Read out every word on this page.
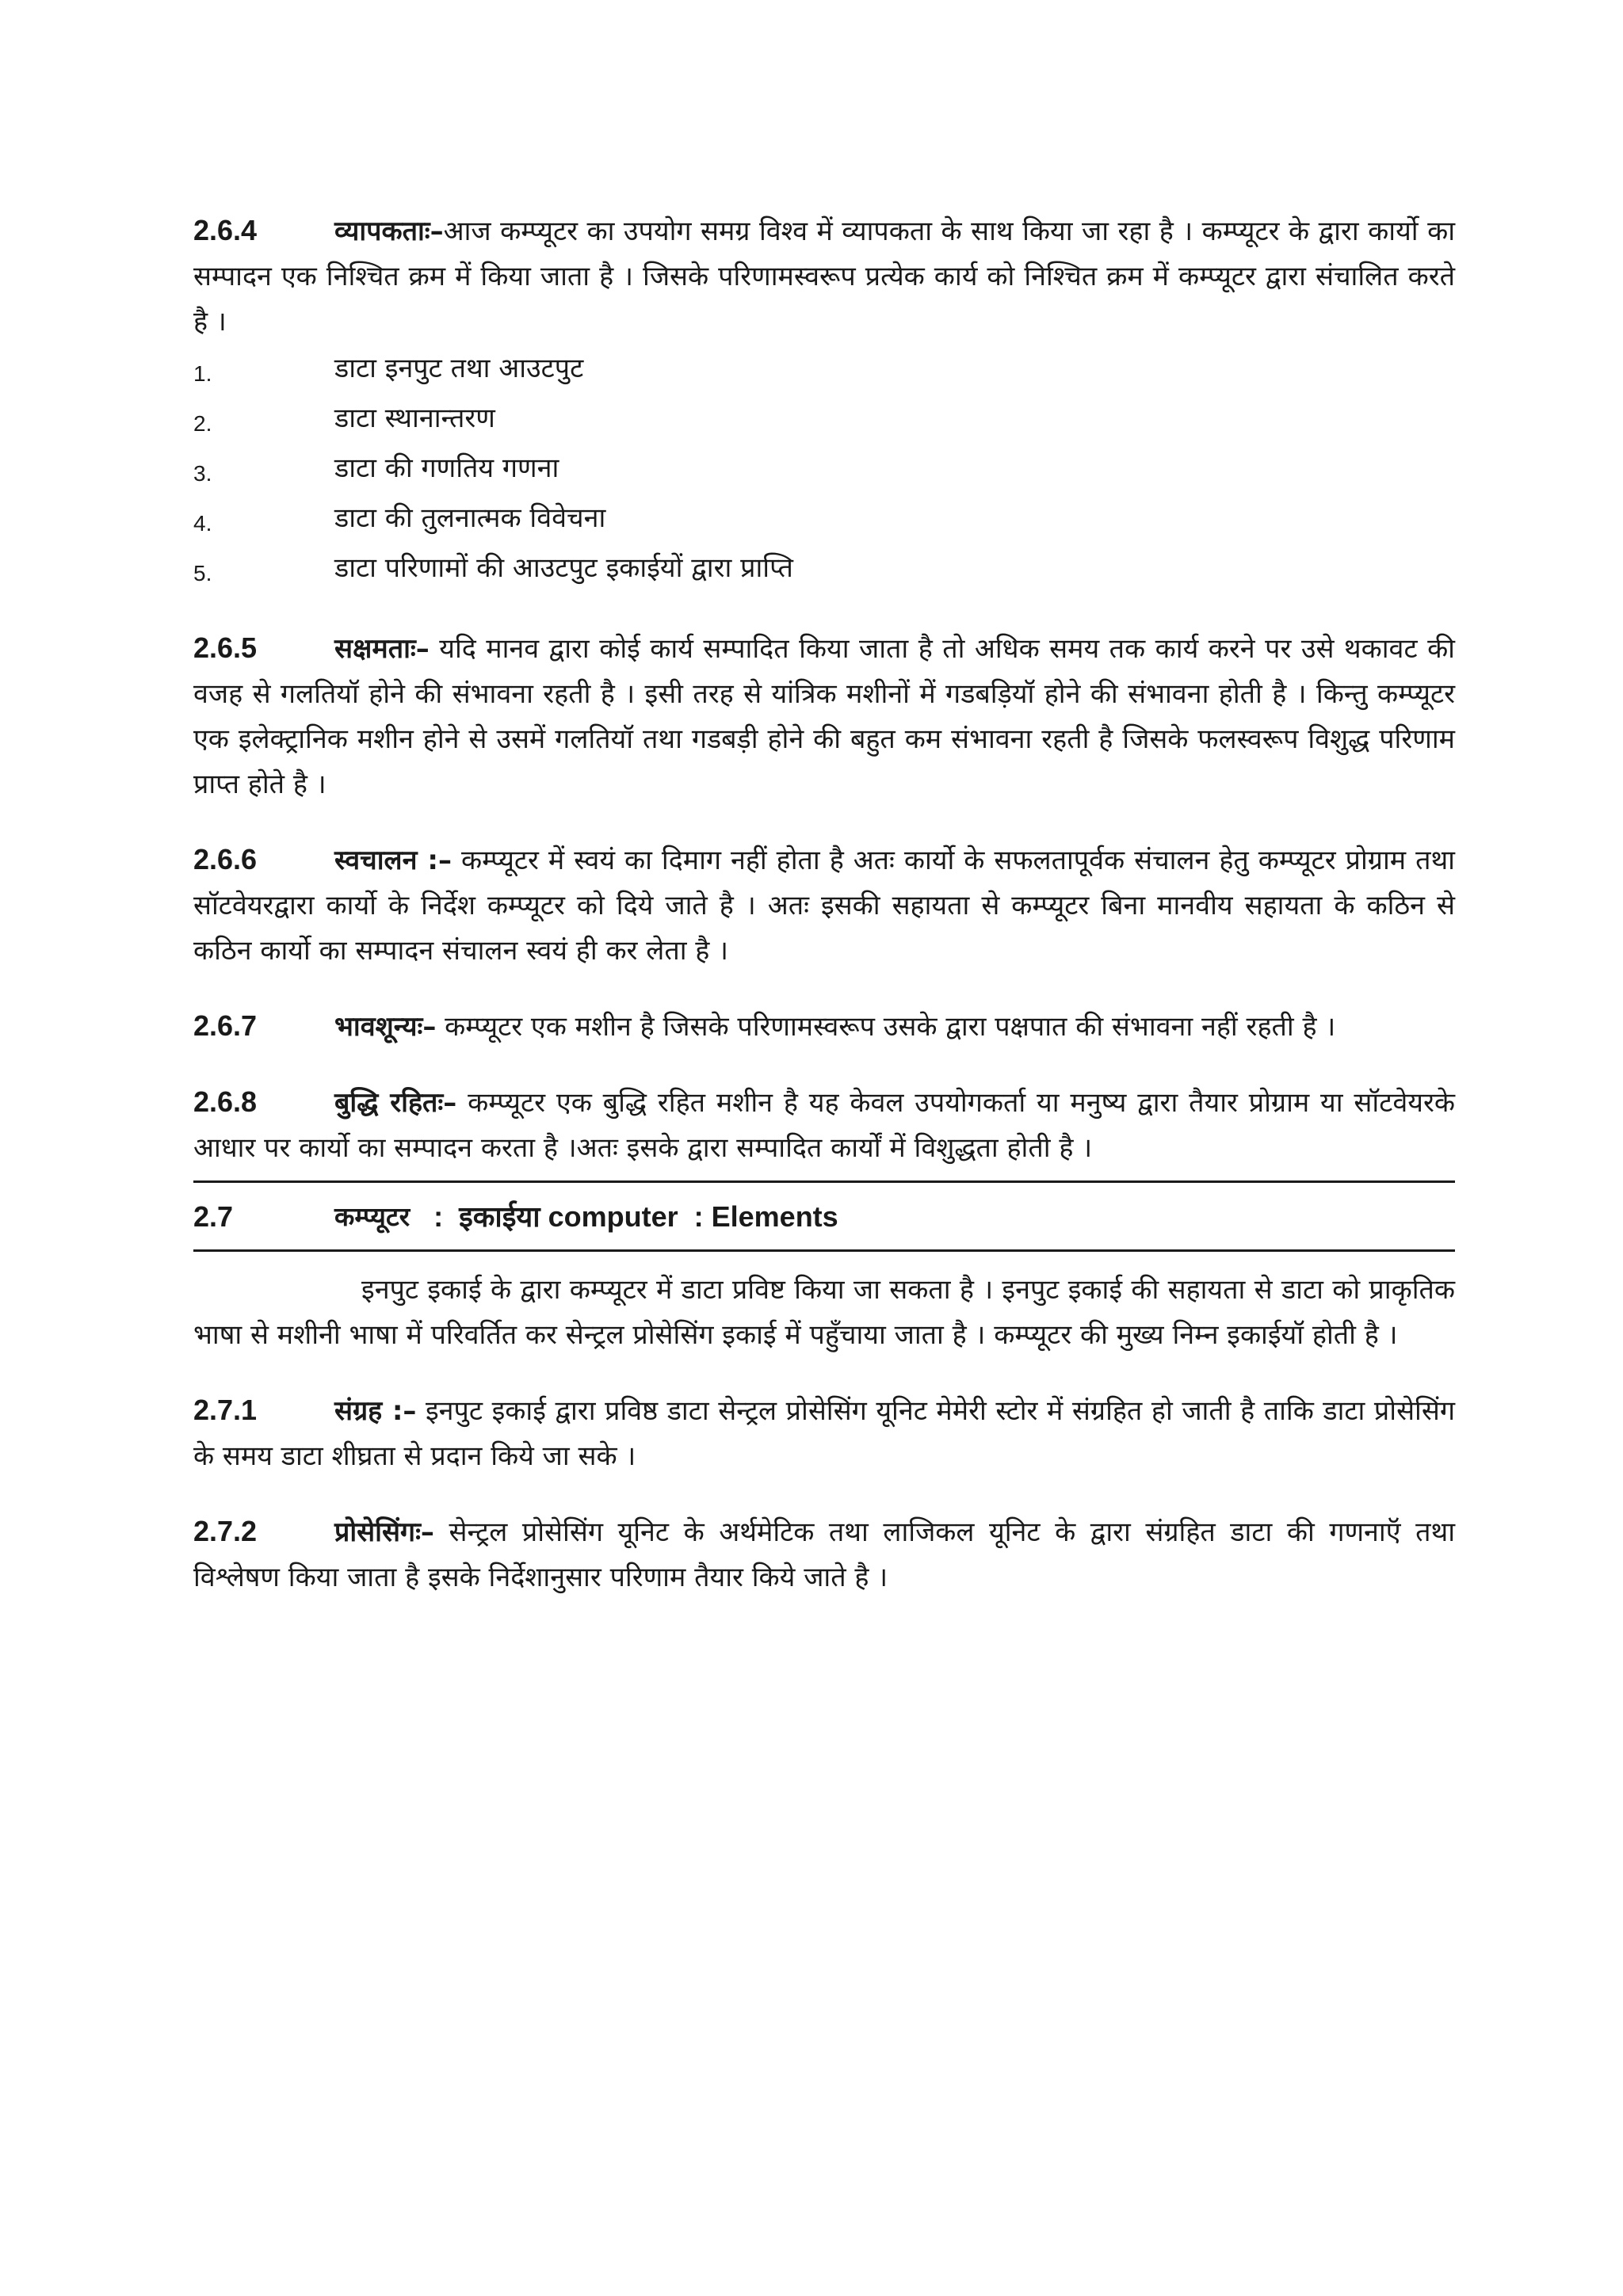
2.6.4	व्यापकताः–आज कम्प्यूटर का उपयोग समग्र विश्व में व्यापकता के साथ किया जा रहा है । कम्प्यूटर के द्वारा कार्यो का सम्पादन एक निश्चित क्रम में किया जाता है । जिसके परिणामस्वरूप प्रत्येक कार्य को निश्चित क्रम में कम्प्यूटर द्वारा संचालित करते है ।

1.	डाटा इनपुट तथा आउटपुट
2.	डाटा स्थानान्तरण
3.	डाटा की गणतिय गणना
4.	डाटा की तुलनात्मक विवेचना
5.	डाटा परिणामों की आउटपुट इकाईयों द्वारा प्राप्ति

2.6.5	सक्षमताः– यदि मानव द्वारा कोई कार्य सम्पादित किया जाता है तो अधिक समय तक कार्य करने पर उसे थकावट की वजह से गलतियॉ होने की संभावना रहती है । इसी तरह से यांत्रिक मशीनों में गडबड़ियॉ होने की संभावना होती है । किन्तु कम्प्यूटर एक इलेक्ट्रानिक मशीन होने से उसमें गलतियॉ तथा गडबड़ी होने की बहुत कम संभावना रहती है जिसके फलस्वरूप विशुद्ध परिणाम प्राप्त होते है ।

2.6.6	स्वचालन :– कम्प्यूटर में स्वयं का दिमाग नहीं होता है अतः कार्यो के सफलतापूर्वक संचालन हेतु कम्प्यूटर प्रोग्राम तथा सॉटवेयरद्वारा कार्यो के निर्देश कम्प्यूटर को दिये जाते है । अतः इसकी सहायता से कम्प्यूटर बिना मानवीय सहायता के कठिन से कठिन कार्यो का सम्पादन संचालन स्वयं ही कर लेता है ।

2.6.7	भावशून्यः– कम्प्यूटर एक मशीन है जिसके परिणामस्वरूप उसके द्वारा पक्षपात की संभावना नहीं रहती है ।

2.6.8	बुद्धि रहितः– कम्प्यूटर एक बुद्धि रहित मशीन है यह केवल उपयोगकर्ता या मनुष्य द्वारा तैयार प्रोग्राम या सॉटवेयरके आधार पर कार्यो का सम्पादन करता है ।अतः इसके द्वारा सम्पादित कार्यों में विशुद्धता होती है ।

2.7	कम्प्यूटर :  इकाईया computer  : Elements

इनपुट इकाई के द्वारा कम्प्यूटर में डाटा प्रविष्ट किया जा सकता है । इनपुट इकाई की सहायता से डाटा को प्राकृतिक भाषा से मशीनी भाषा में परिवर्तित कर सेन्ट्रल प्रोसेसिंग इकाई में पहुँचाया जाता है । कम्प्यूटर की मुख्य निम्न इकाईयॉ होती है ।

2.7.1	संग्रह :– इनपुट इकाई द्वारा प्रविष्ठ डाटा सेन्ट्रल प्रोसेसिंग यूनिट मेमेरी स्टोर में संग्रहित हो जाती है ताकि डाटा प्रोसेसिंग के समय डाटा शीघ्रता से प्रदान किये जा सके ।

2.7.2	प्रोसेसिंगः– सेन्ट्रल प्रोसेसिंग यूनिट के अर्थमेटिक तथा लाजिकल यूनिट के द्वारा संग्रहित डाटा की गणनाऍ तथा विश्लेषण किया जाता है इसके निर्देशानुसार परिणाम तैयार किये जाते है ।
